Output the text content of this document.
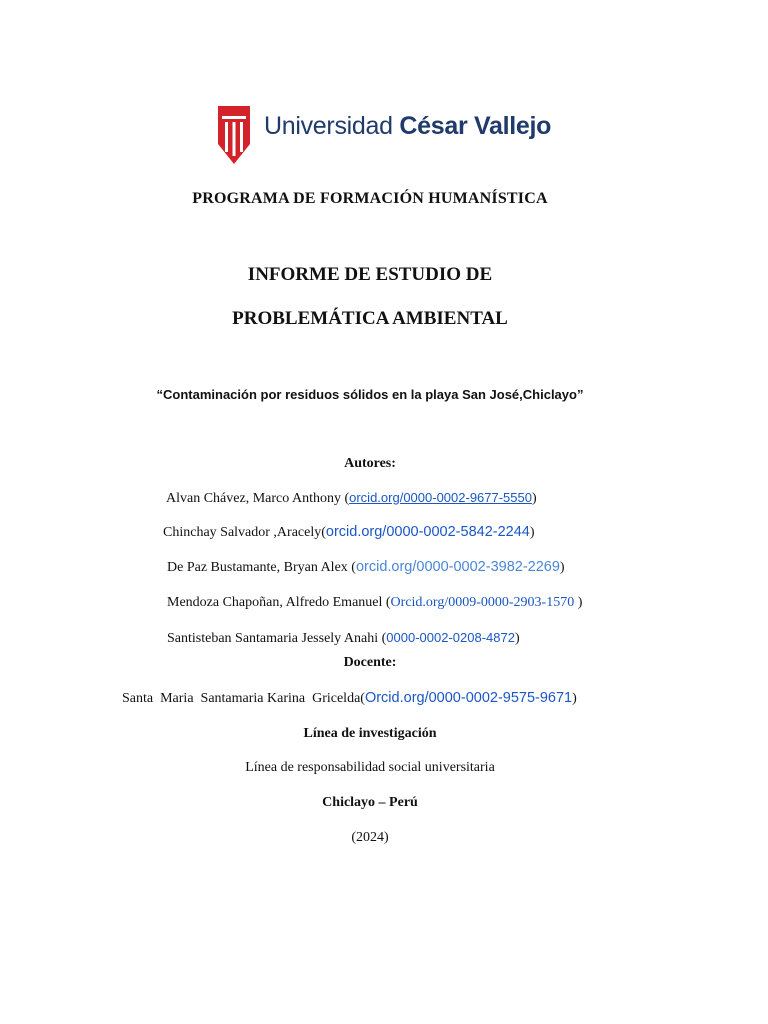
Universidad César Vallejo
PROGRAMA DE FORMACIÓN HUMANÍSTICA
INFORME DE ESTUDIO DE
PROBLEMÁTICA AMBIENTAL
“Contaminación por residuos sólidos en la playa San José,Chiclayo”
Autores:
Alvan Chávez, Marco Anthony (orcid.org/0000-0002-9677-5550)
Chinchay Salvador ,Aracely(orcid.org/0000-0002-5842-2244)
De Paz Bustamante, Bryan Alex (orcid.org/0000-0002-3982-2269)
Mendoza Chapoñan, Alfredo Emanuel (Orcid.org/0009-0000-2903-1570 )
Santisteban Santamaria Jessely Anahi (0000-0002-0208-4872)
Docente:
Santa  Maria  Santamaria Karina  Gricelda(Orcid.org/0000-0002-9575-9671)
Línea de investigación
Línea de responsabilidad social universitaria
Chiclayo – Perú
(2024)
